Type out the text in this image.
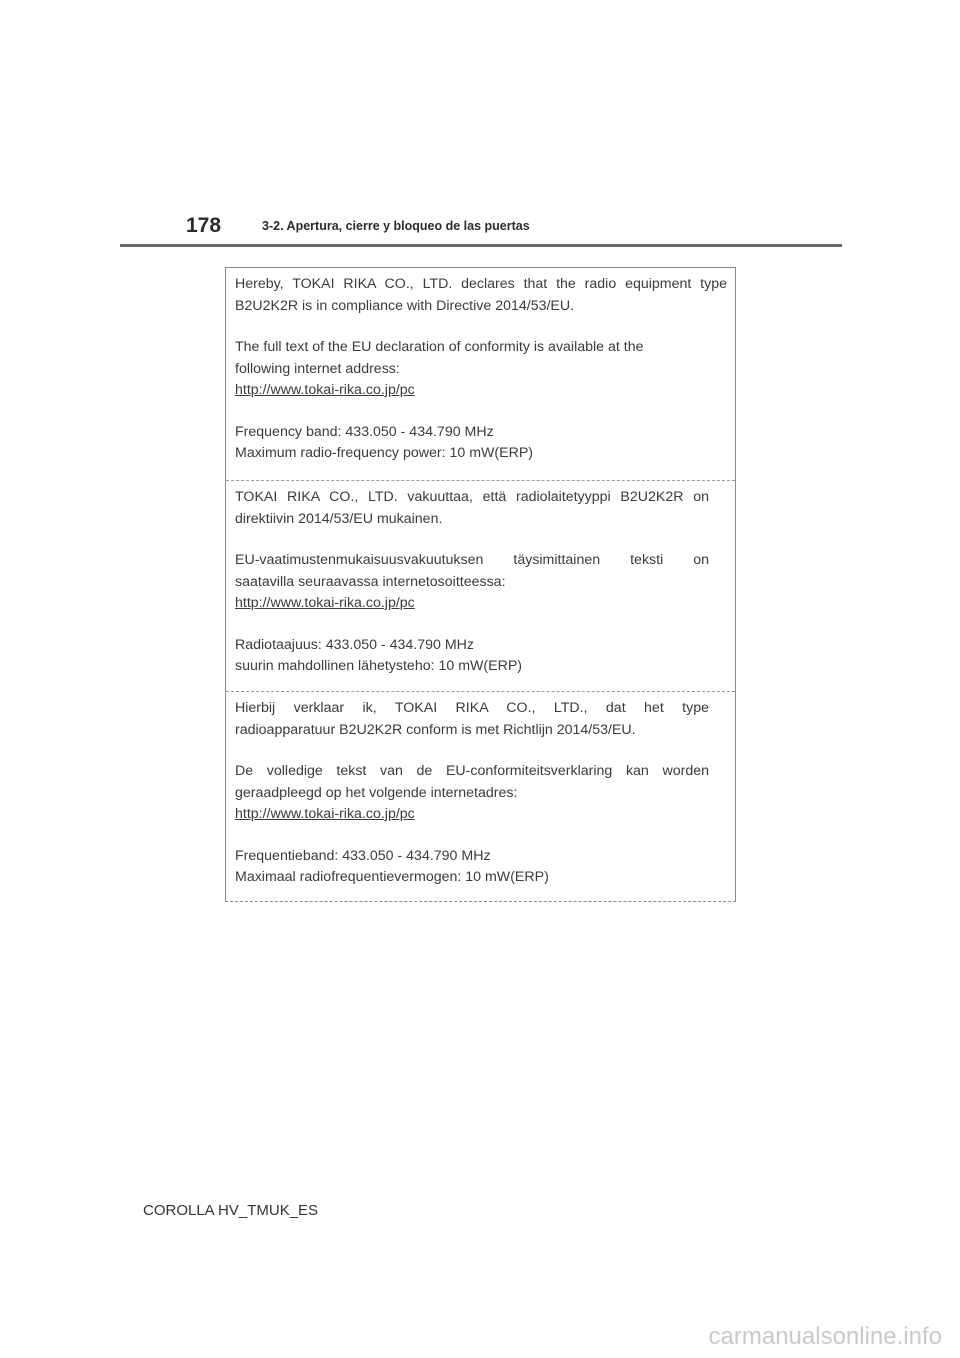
178	3-2. Apertura, cierre y bloqueo de las puertas

Hereby, TOKAI RIKA CO., LTD. declares that the radio equipment type

B2U2K2R is in compliance with Directive 2014/53/EU.

The full text of the EU declaration of conformity is available at the

following internet address:

http://www.tokai-rika.co.jp/pc

Frequency band: 433.050 - 434.790 MHz

Maximum radio-frequency power: 10 mW(ERP)

TOKAI RIKA CO., LTD. vakuuttaa, että radiolaitetyyppi B2U2K2R on

direktiivin 2014/53/EU mukainen.

EU-vaatimustenmukaisuusvakuutuksen täysimittainen teksti on

saatavilla seuraavassa internetosoitteessa:

http://www.tokai-rika.co.jp/pc

Radiotaajuus: 433.050 - 434.790 MHz

suurin mahdollinen lähetysteho: 10 mW(ERP)

Hierbij verklaar ik, TOKAI RIKA CO., LTD., dat het type

radioapparatuur B2U2K2R conform is met Richtlijn 2014/53/EU.

De volledige tekst van de EU-conformiteitsverklaring kan worden

geraadpleegd op het volgende internetadres:

http://www.tokai-rika.co.jp/pc

Frequentieband: 433.050 - 434.790 MHz

Maximaal radiofrequentievermogen: 10 mW(ERP)

COROLLA HV_TMUK_ES
carmanualsonline.info
